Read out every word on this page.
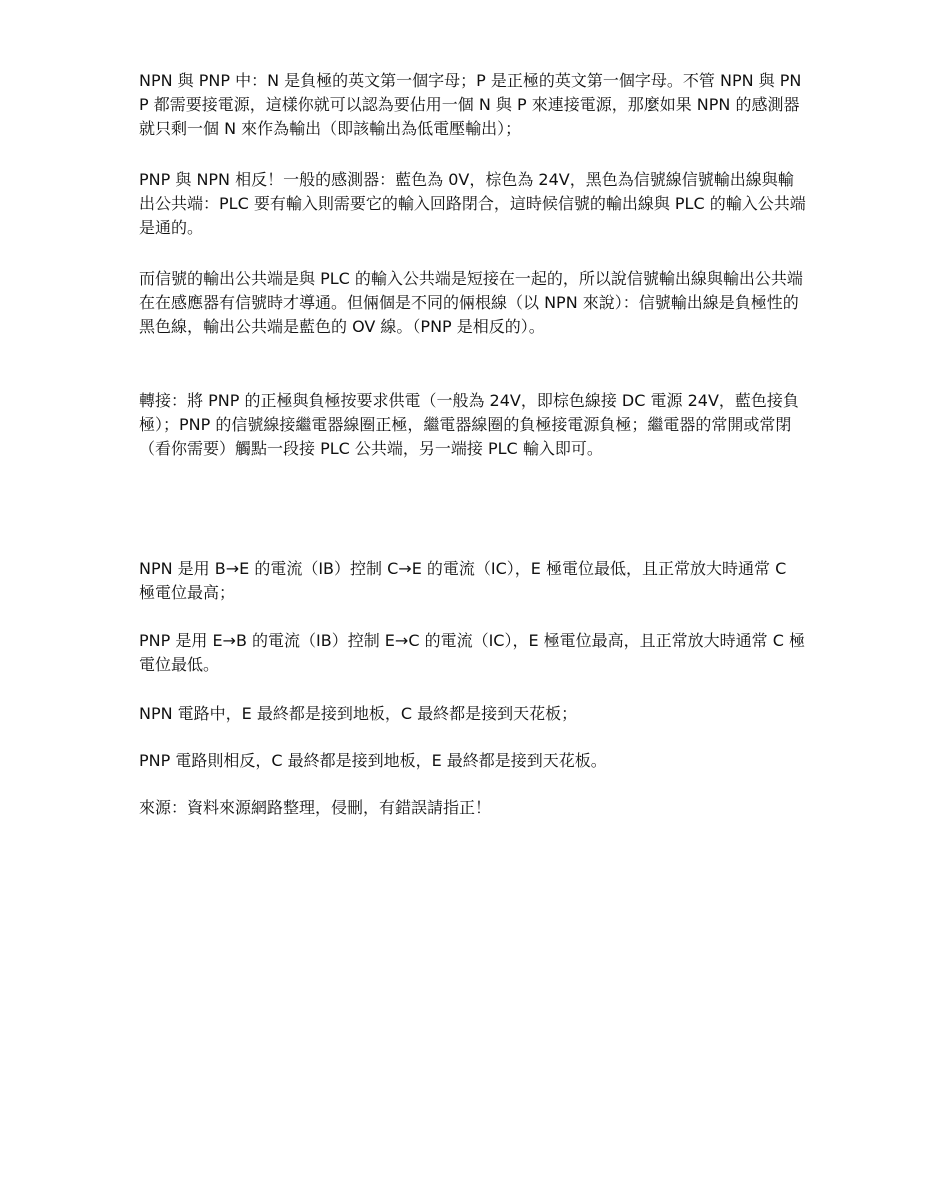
NPN 與 PNP 中：N 是負極的英文第一個字母；P 是正極的英文第一個字母。不管 NPN 與 PNP 都需要接電源，這樣你就可以認為要佔用一個 N 與 P 來連接電源，那麼如果 NPN 的感測器就只剩一個 N 來作為輸出（即該輸出為低電壓輸出）；

PNP 與 NPN 相反！一般的感測器：藍色為 0V，棕色為 24V，黑色為信號線信號輸出線與輸出公共端：PLC 要有輸入則需要它的輸入回路閉合，這時候信號的輸出線與 PLC 的輸入公共端是通的。

而信號的輸出公共端是與 PLC 的輸入公共端是短接在一起的，所以說信號輸出線與輸出公共端在在感應器有信號時才導通。但倆個是不同的倆根線（以 NPN 來說）：信號輸出線是負極性的黑色線，輸出公共端是藍色的 OV 線。（PNP 是相反的）。

轉接：將 PNP 的正極與負極按要求供電（一般為 24V，即棕色線接 DC 電源 24V，藍色接負極）；PNP 的信號線接繼電器線圈正極，繼電器線圈的負極接電源負極；繼電器的常開或常閉（看你需要）觸點一段接 PLC 公共端，另一端接 PLC 輸入即可。

NPN 是用 B→E 的電流（IB）控制 C→E 的電流（IC），E 極電位最低，且正常放大時通常 C 極電位最高；

PNP 是用 E→B 的電流（IB）控制 E→C 的電流（IC），E 極電位最高，且正常放大時通常 C 極電位最低。

NPN 電路中，E 最終都是接到地板，C 最終都是接到天花板；

PNP 電路則相反，C 最終都是接到地板，E 最終都是接到天花板。

來源：資料來源網路整理，侵刪，有錯誤請指正！
